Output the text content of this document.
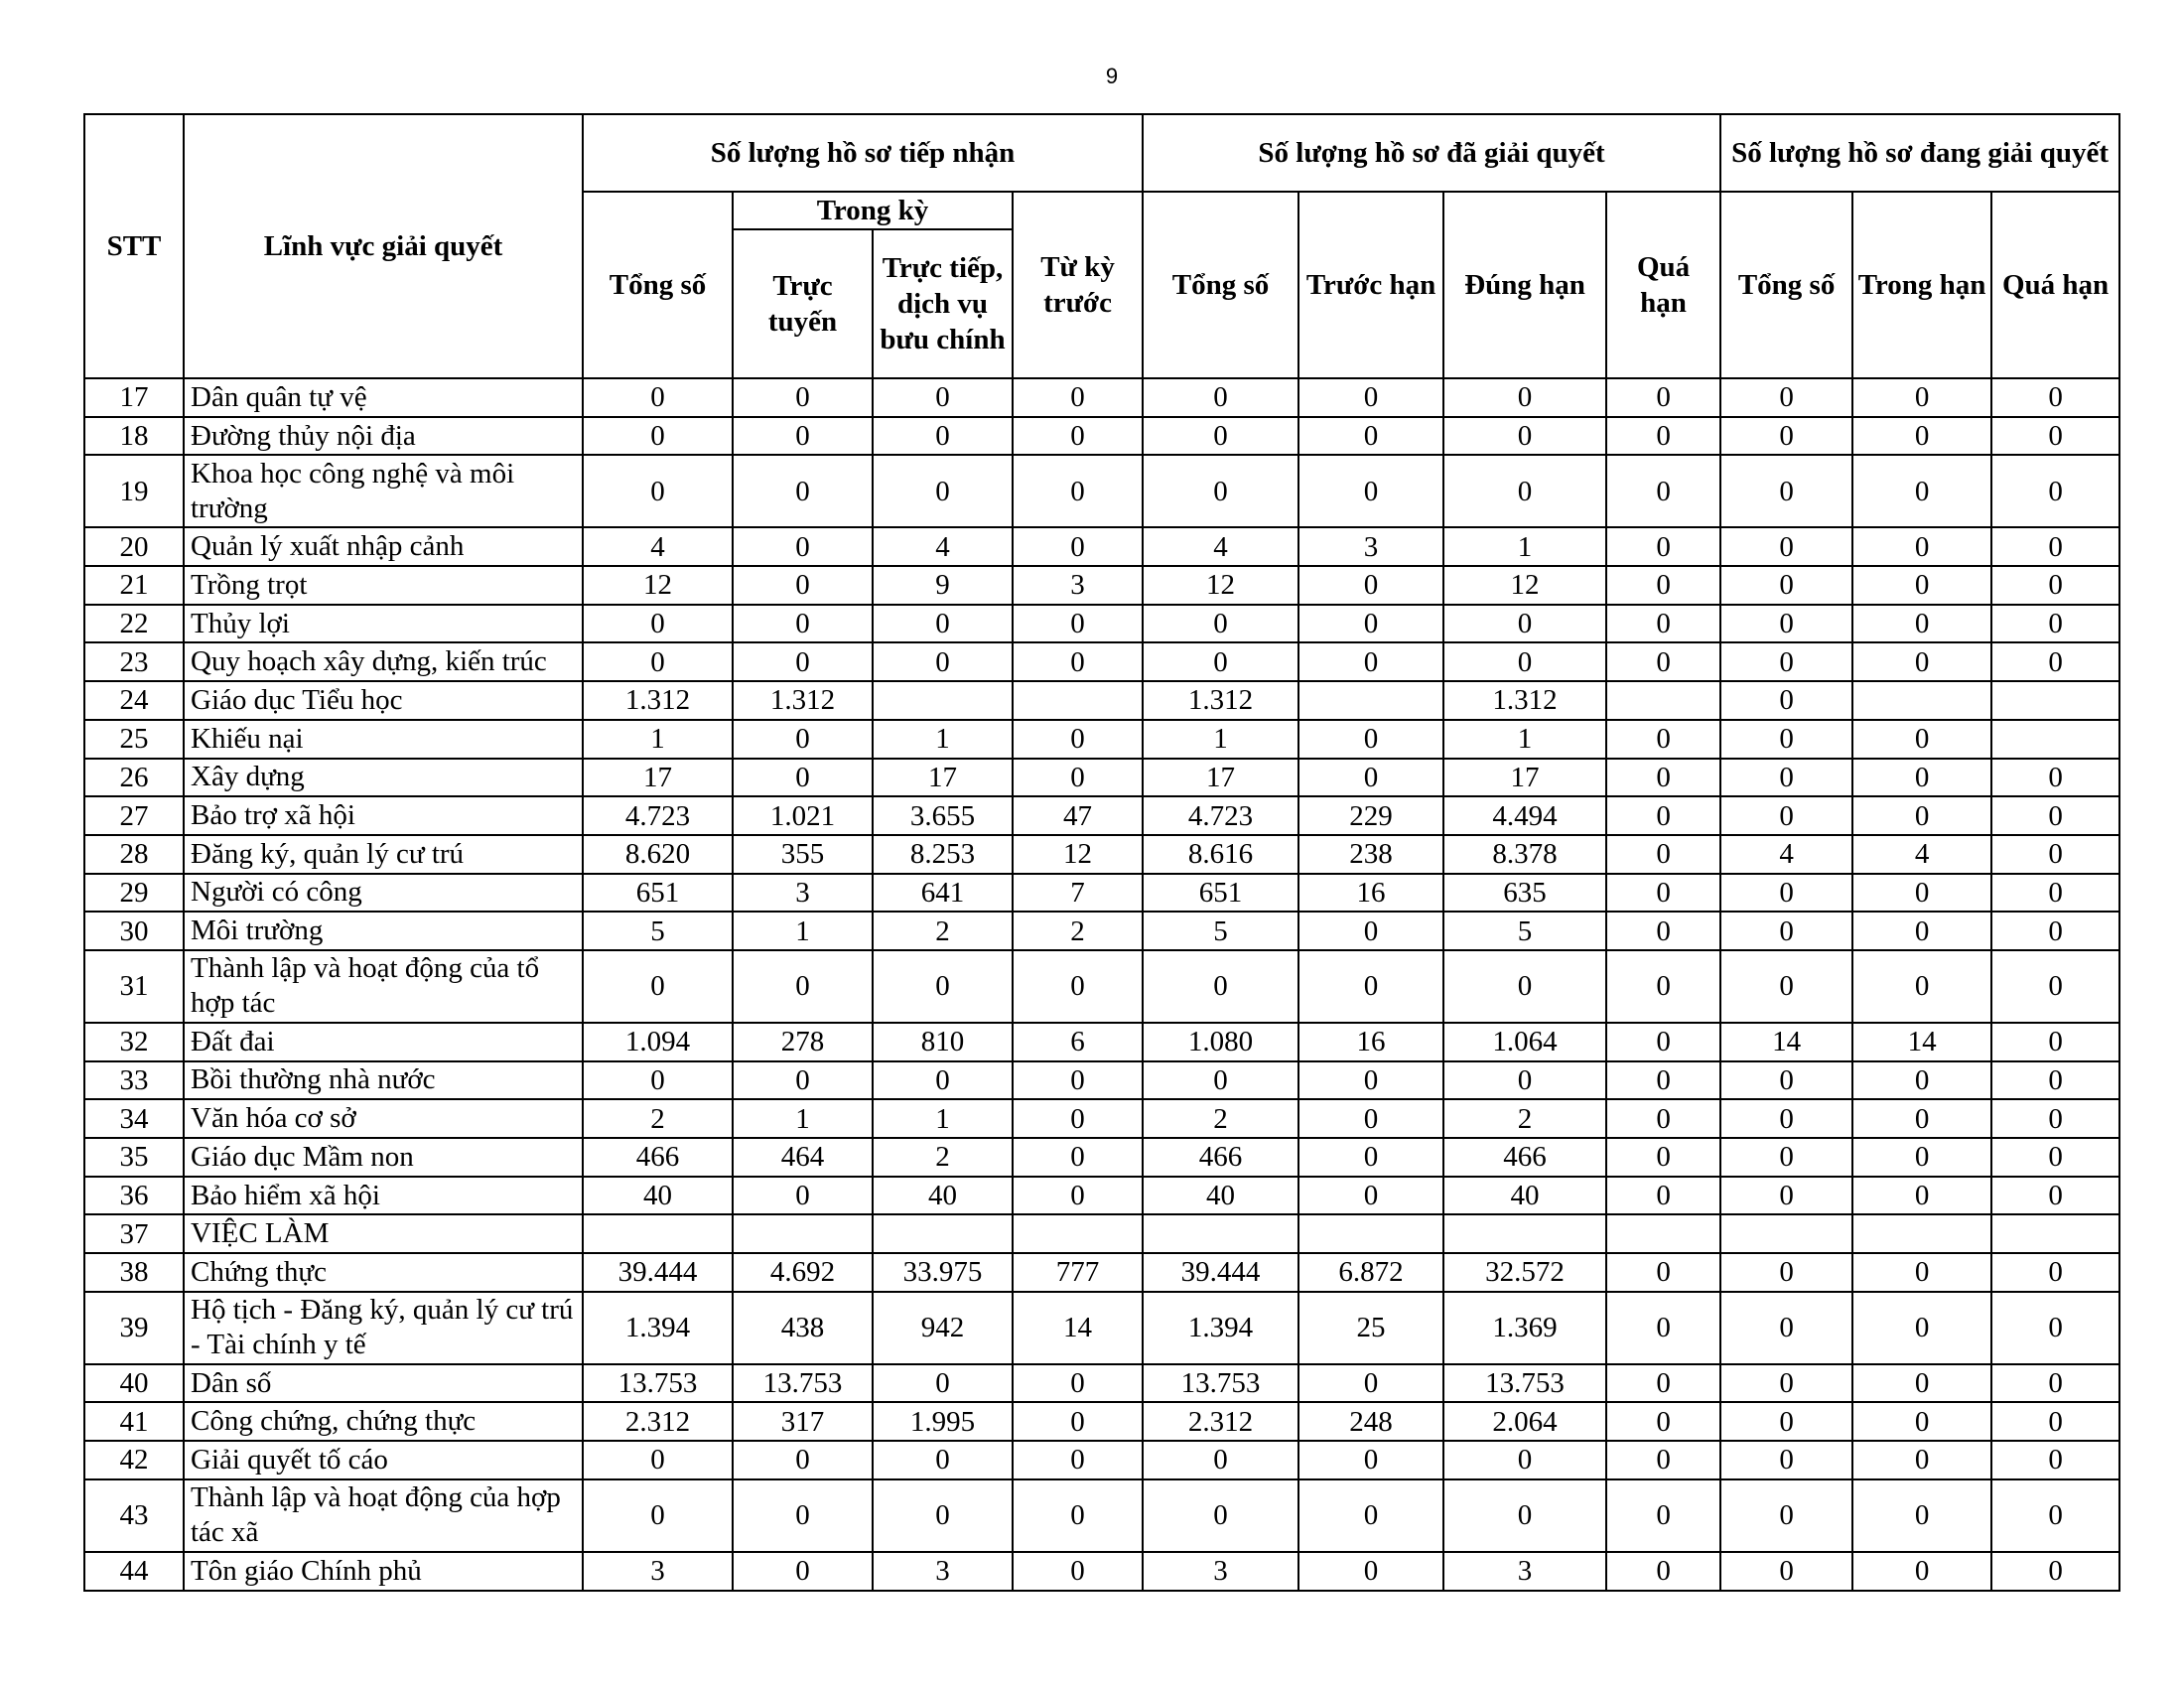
9
STT	Lĩnh vực giải quyết	Số lượng hồ sơ tiếp nhận				Số lượng hồ sơ đã giải quyết				Số lượng hồ sơ đang giải quyết		
		Tổng số	Trong kỳ		Từ kỳ trước	Tổng số	Trước hạn	Đúng hạn	Quá hạn	Tổng số	Trong hạn	Quá hạn
			Trực tuyến	Trực tiếp, dịch vụ bưu chính								
17	Dân quân tự vệ	0	0	0	0	0	0	0	0	0	0	0
18	Đường thủy nội địa	0	0	0	0	0	0	0	0	0	0	0
19	Khoa học công nghệ và môi trường	0	0	0	0	0	0	0	0	0	0	0
20	Quản lý xuất nhập cảnh	4	0	4	0	4	3	1	0	0	0	0
21	Trồng trọt	12	0	9	3	12	0	12	0	0	0	0
22	Thủy lợi	0	0	0	0	0	0	0	0	0	0	0
23	Quy hoạch xây dựng, kiến trúc	0	0	0	0	0	0	0	0	0	0	0
24	Giáo dục Tiểu học	1.312	1.312			1.312		1.312		0		
25	Khiếu nại	1	0	1	0	1	0	1	0	0	0	
26	Xây dựng	17	0	17	0	17	0	17	0	0	0	0
27	Bảo trợ xã hội	4.723	1.021	3.655	47	4.723	229	4.494	0	0	0	0
28	Đăng ký, quản lý cư trú	8.620	355	8.253	12	8.616	238	8.378	0	4	4	0
29	Người có công	651	3	641	7	651	16	635	0	0	0	0
30	Môi trường	5	1	2	2	5	0	5	0	0	0	0
31	Thành lập và hoạt động của tổ hợp tác	0	0	0	0	0	0	0	0	0	0	0
32	Đất đai	1.094	278	810	6	1.080	16	1.064	0	14	14	0
33	Bồi thường nhà nước	0	0	0	0	0	0	0	0	0	0	0
34	Văn hóa cơ sở	2	1	1	0	2	0	2	0	0	0	0
35	Giáo dục Mầm non	466	464	2	0	466	0	466	0	0	0	0
36	Bảo hiểm xã hội	40	0	40	0	40	0	40	0	0	0	0
37	VIỆC LÀM											
38	Chứng thực	39.444	4.692	33.975	777	39.444	6.872	32.572	0	0	0	0
39	Hộ tịch - Đăng ký, quản lý cư trú - Tài chính y tế	1.394	438	942	14	1.394	25	1.369	0	0	0	0
40	Dân số	13.753	13.753	0	0	13.753	0	13.753	0	0	0	0
41	Công chứng, chứng thực	2.312	317	1.995	0	2.312	248	2.064	0	0	0	0
42	Giải quyết tố cáo	0	0	0	0	0	0	0	0	0	0	0
43	Thành lập và hoạt động của hợp tác xã	0	0	0	0	0	0	0	0	0	0	0
44	Tôn giáo Chính phủ	3	0	3	0	3	0	3	0	0	0	0
